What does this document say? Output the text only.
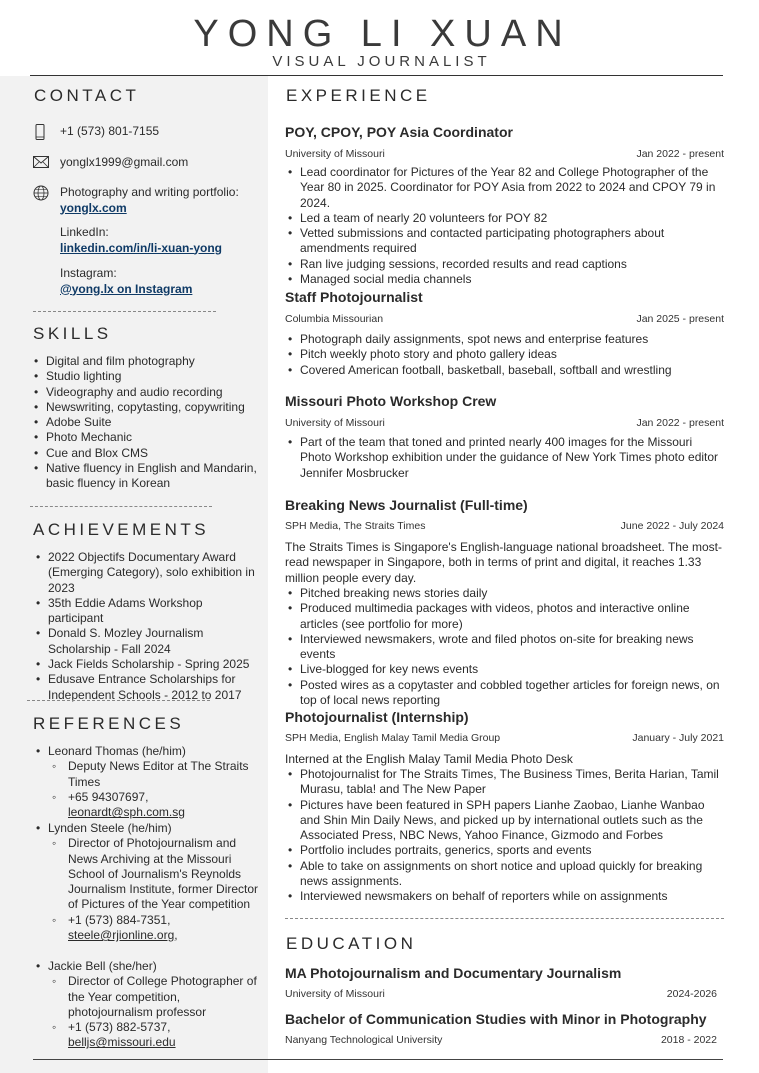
YONG LI XUAN
VISUAL JOURNALIST
CONTACT
+1 (573) 801-7155
yonglx1999@gmail.com
Photography and writing portfolio:
yonglx.com
LinkedIn:
linkedin.com/in/li-xuan-yong
Instagram:
@yong.lx on Instagram
SKILLS
• Digital and film photography
• Studio lighting
• Videography and audio recording
• Newswriting, copytasting, copywriting
• Adobe Suite
• Photo Mechanic
• Cue and Blox CMS
• Native fluency in English and Mandarin, basic fluency in Korean
ACHIEVEMENTS
• 2022 Objectifs Documentary Award (Emerging Category), solo exhibition in 2023
• 35th Eddie Adams Workshop participant
• Donald S. Mozley Journalism Scholarship - Fall 2024
• Jack Fields Scholarship - Spring 2025
• Edusave Entrance Scholarships for Independent Schools - 2012 to 2017
REFERENCES
• Leonard Thomas (he/him)
◦ Deputy News Editor at The Straits Times
◦ +65 94307697, leonardt@sph.com.sg
• Lynden Steele (he/him)
◦ Director of Photojournalism and News Archiving at the Missouri School of Journalism's Reynolds Journalism Institute, former Director of Pictures of the Year competition
◦ +1 (573) 884-7351, steele@rjionline.org,
• Jackie Bell (she/her)
◦ Director of College Photographer of the Year competition, photojournalism professor
◦ +1 (573) 882-5737, belljs@missouri.edu
EXPERIENCE
POY, CPOY, POY Asia Coordinator
University of Missouri	Jan 2022 - present
• Lead coordinator for Pictures of the Year 82 and College Photographer of the Year 80 in 2025. Coordinator for POY Asia from 2022 to 2024 and CPOY 79 in 2024.
• Led a team of nearly 20 volunteers for POY 82
• Vetted submissions and contacted participating photographers about amendments required
• Ran live judging sessions, recorded results and read captions
• Managed social media channels
Staff Photojournalist
Columbia Missourian	Jan 2025 - present
• Photograph daily assignments, spot news and enterprise features
• Pitch weekly photo story and photo gallery ideas
• Covered American football, basketball, baseball, softball and wrestling
Missouri Photo Workshop Crew
University of Missouri	Jan 2022 - present
• Part of the team that toned and printed nearly 400 images for the Missouri Photo Workshop exhibition under the guidance of New York Times photo editor Jennifer Mosbrucker
Breaking News Journalist (Full-time)
SPH Media, The Straits Times	June 2022 - July 2024
The Straits Times is Singapore's English-language national broadsheet. The most-read newspaper in Singapore, both in terms of print and digital, it reaches 1.33 million people every day.
• Pitched breaking news stories daily
• Produced multimedia packages with videos, photos and interactive online articles (see portfolio for more)
• Interviewed newsmakers, wrote and filed photos on-site for breaking news events
• Live-blogged for key news events
• Posted wires as a copytaster and cobbled together articles for foreign news, on top of local news reporting
Photojournalist (Internship)
SPH Media, English Malay Tamil Media Group	January - July 2021
Interned at the English Malay Tamil Media Photo Desk
• Photojournalist for The Straits Times, The Business Times, Berita Harian, Tamil Murasu, tabla! and The New Paper
• Pictures have been featured in SPH papers Lianhe Zaobao, Lianhe Wanbao and Shin Min Daily News, and picked up by international outlets such as the Associated Press, NBC News, Yahoo Finance, Gizmodo and Forbes
• Portfolio includes portraits, generics, sports and events
• Able to take on assignments on short notice and upload quickly for breaking news assignments.
• Interviewed newsmakers on behalf of reporters while on assignments
EDUCATION
MA Photojournalism and Documentary Journalism
University of Missouri	2024-2026
Bachelor of Communication Studies with Minor in Photography
Nanyang Technological University	2018 - 2022
